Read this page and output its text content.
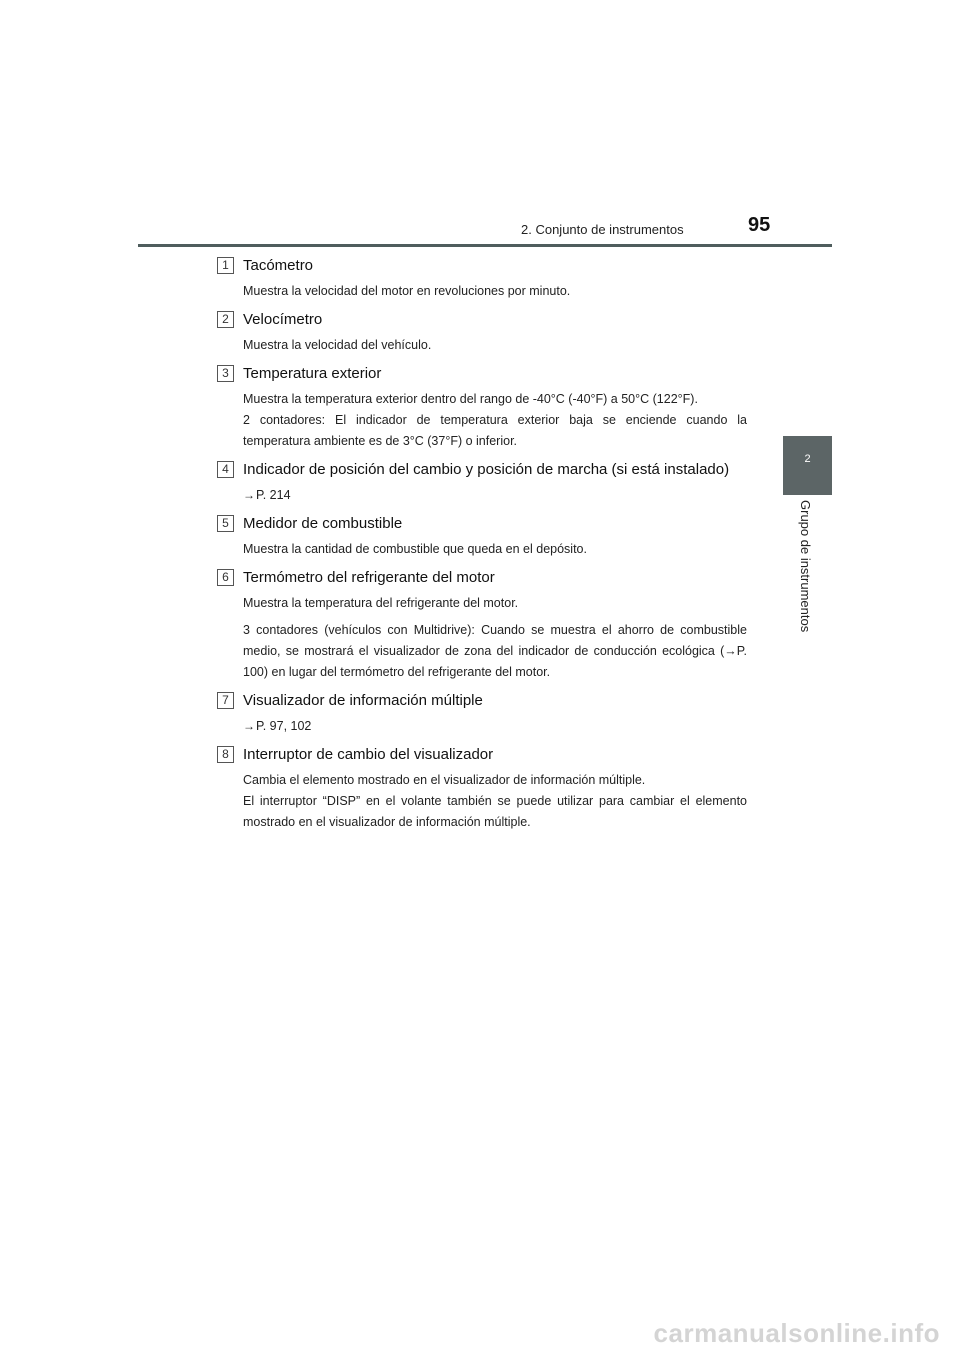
2. Conjunto de instrumentos	95
2
Grupo de instrumentos
1 Tacómetro

Muestra la velocidad del motor en revoluciones por minuto.

2 Velocímetro

Muestra la velocidad del vehículo.

3 Temperatura exterior

Muestra la temperatura exterior dentro del rango de -40°C (-40°F) a 50°C (122°F).

2 contadores: El indicador de temperatura exterior baja se enciende cuando la temperatura ambiente es de 3°C (37°F) o inferior.

4 Indicador de posición del cambio y posición de marcha (si está instalado)

→P. 214

5 Medidor de combustible

Muestra la cantidad de combustible que queda en el depósito.

6 Termómetro del refrigerante del motor

Muestra la temperatura del refrigerante del motor.

3 contadores (vehículos con Multidrive): Cuando se muestra el ahorro de combustible medio, se mostrará el visualizador de zona del indicador de conducción ecológica (→P. 100) en lugar del termómetro del refrigerante del motor.

7 Visualizador de información múltiple

→P. 97, 102

8 Interruptor de cambio del visualizador

Cambia el elemento mostrado en el visualizador de información múltiple.

El interruptor “DISP” en el volante también se puede utilizar para cambiar el elemento mostrado en el visualizador de información múltiple.

carmanualsonline.info
